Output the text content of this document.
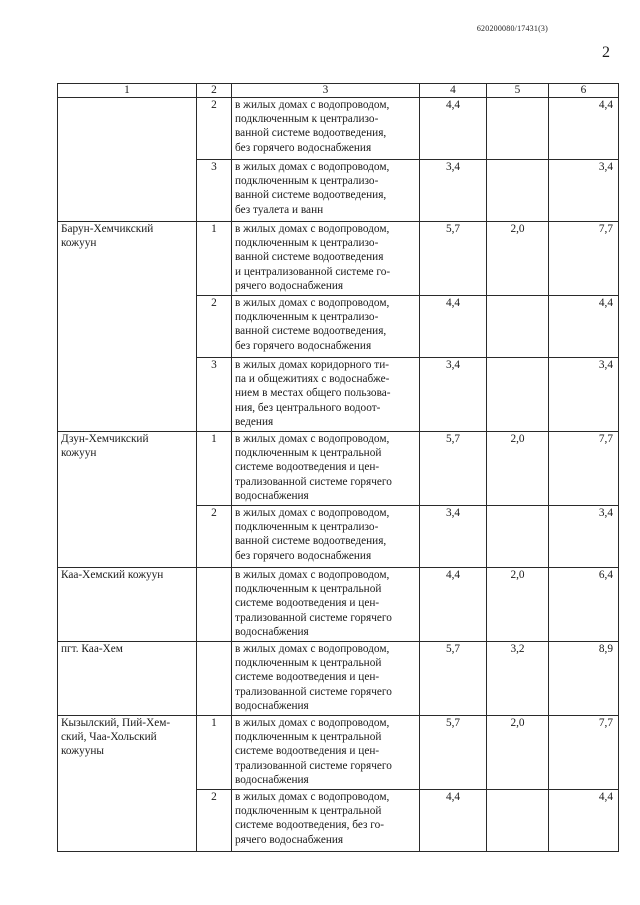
620200080/17431(3)
2
1	2	3	4	5	6

	2	в жилых домах с водопроводом,
подключенным к централизо-
ванной системе водоотведения,
без горячего водоснабжения	4,4		4,4

	3	в жилых домах с водопроводом,
подключенным к централизо-
ванной системе водоотведения,
без туалета и ванн	3,4		3,4

Барун-Хемчикский
кожуун	1	в жилых домах с водопроводом,
подключенным к централизо-
ванной системе водоотведения
и централизованной системе го-
рячего водоснабжения	5,7	2,0	7,7

	2	в жилых домах с водопроводом,
подключенным к централизо-
ванной системе водоотведения,
без горячего водоснабжения	4,4		4,4

	3	в жилых домах коридорного ти-
па и общежитиях с водоснабже-
нием в местах общего пользова-
ния, без центрального водоот-
ведения	3,4		3,4

Дзун-Хемчикский
кожуун	1	в жилых домах с водопроводом,
подключенным к центральной
системе водоотведения и цен-
трализованной системе горячего
водоснабжения	5,7	2,0	7,7

	2	в жилых домах с водопроводом,
подключенным к централизо-
ванной системе водоотведения,
без горячего водоснабжения	3,4		3,4

Каа-Хемский кожуун		в жилых домах с водопроводом,
подключенным к центральной
системе водоотведения и цен-
трализованной системе горячего
водоснабжения	4,4	2,0	6,4

пгт. Каа-Хем		в жилых домах с водопроводом,
подключенным к центральной
системе водоотведения и цен-
трализованной системе горячего
водоснабжения	5,7	3,2	8,9

Кызылский, Пий-Хем-
ский, Чаа-Хольский
кожууны	1	в жилых домах с водопроводом,
подключенным к центральной
системе водоотведения и цен-
трализованной системе горячего
водоснабжения	5,7	2,0	7,7

	2	в жилых домах с водопроводом,
подключенным к центральной
системе водоотведения, без го-
рячего водоснабжения	4,4		4,4
